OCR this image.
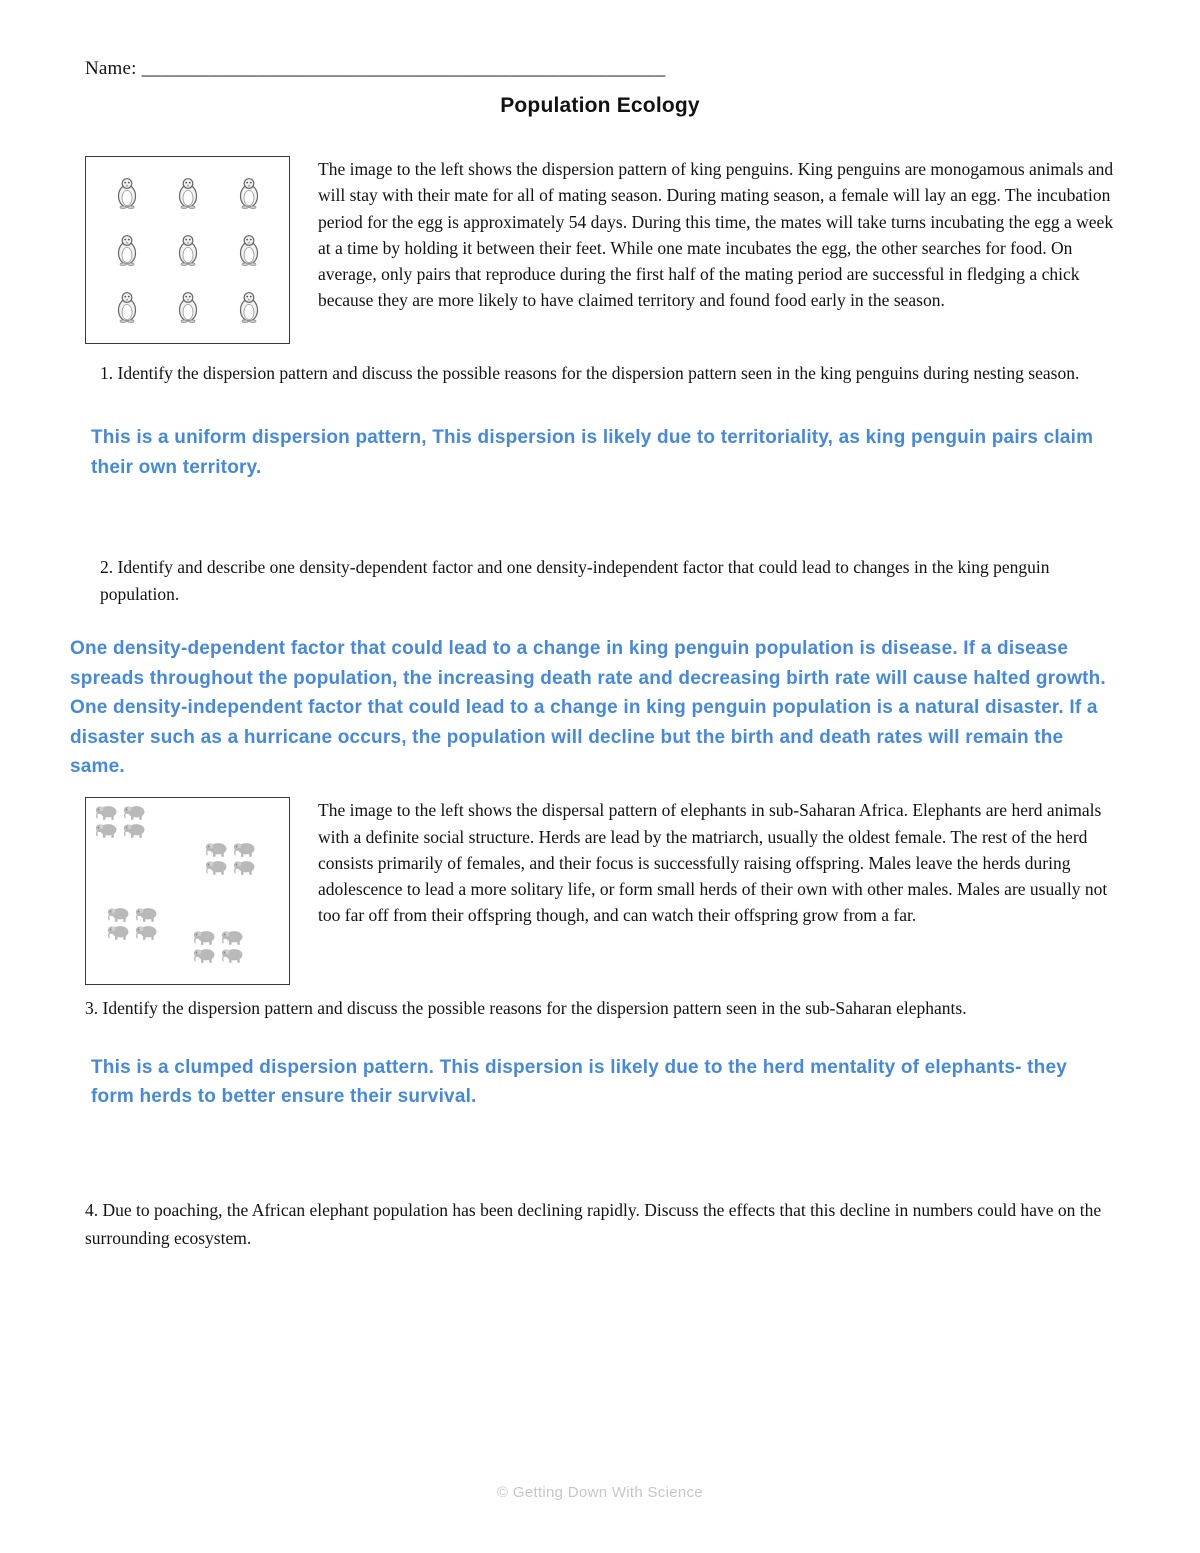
Name: ______________________________________________________
Population Ecology
The image to the left shows the dispersion pattern of king penguins. King penguins are monogamous animals and will stay with their mate for all of mating season. During mating season, a female will lay an egg. The incubation period for the egg is approximately 54 days. During this time, the mates will take turns incubating the egg a week at a time by holding it between their feet. While one mate incubates the egg, the other searches for food. On average, only pairs that reproduce during the first half of the mating period are successful in fledging a chick because they are more likely to have claimed territory and found food early in the season.
1. Identify the dispersion pattern and discuss the possible reasons for the dispersion pattern seen in the king penguins during nesting season.
This is a uniform dispersion pattern, This dispersion is likely due to territoriality, as king penguin pairs claim their own territory.
2. Identify and describe one density-dependent factor and one density-independent factor that could lead to changes in the king penguin population.
One density-dependent factor that could lead to a change in king penguin population is disease. If a disease spreads throughout the population, the increasing death rate and decreasing birth rate will cause halted growth. One density-independent factor that could lead to a change in king penguin population is a natural disaster. If a disaster such as a hurricane occurs, the population will decline but the birth and death rates will remain the same.
The image to the left shows the dispersal pattern of elephants in sub-Saharan Africa. Elephants are herd animals with a definite social structure. Herds are lead by the matriarch, usually the oldest female. The rest of the herd consists primarily of females, and their focus is successfully raising offspring. Males leave the herds during adolescence to lead a more solitary life, or form small herds of their own with other males. Males are usually not too far off from their offspring though, and can watch their offspring grow from a far.
3. Identify the dispersion pattern and discuss the possible reasons for the dispersion pattern seen in the sub-Saharan elephants.
This is a clumped dispersion pattern. This dispersion is likely due to the herd mentality of elephants- they form herds to better ensure their survival.
4. Due to poaching, the African elephant population has been declining rapidly. Discuss the effects that this decline in numbers could have on the surrounding ecosystem.
© Getting Down With Science
